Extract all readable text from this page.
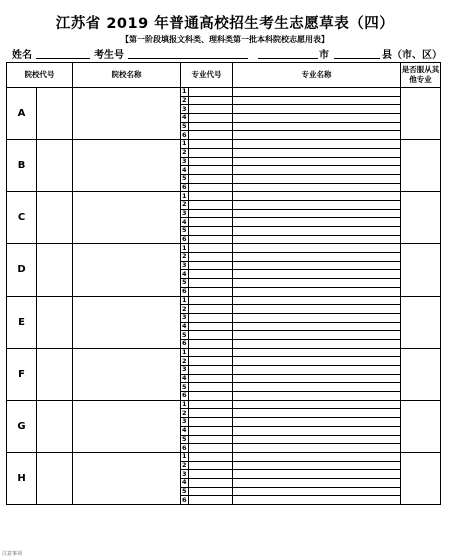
江苏省 2019 年普通高校招生考生志愿草表（四）
【第一阶段填报文科类、理科类第一批本科院校志愿用表】
姓名	考生号	市	县（市、区）
院校代号		院校名称	专业代号		专业名称	是否服从其他专业
A			1			
			2			
			3			
			4			
			5			
			6			
B			1			
			2			
			3			
			4			
			5			
			6			
C			1			
			2			
			3			
			4			
			5			
			6			
D			1			
			2			
			3			
			4			
			5			
			6			
E			1			
			2			
			3			
			4			
			5			
			6			
F			1			
			2			
			3			
			4			
			5			
			6			
G			1			
			2			
			3			
			4			
			5			
			6			
H			1			
			2			
			3			
			4			
			5			
			6			
注意事项
